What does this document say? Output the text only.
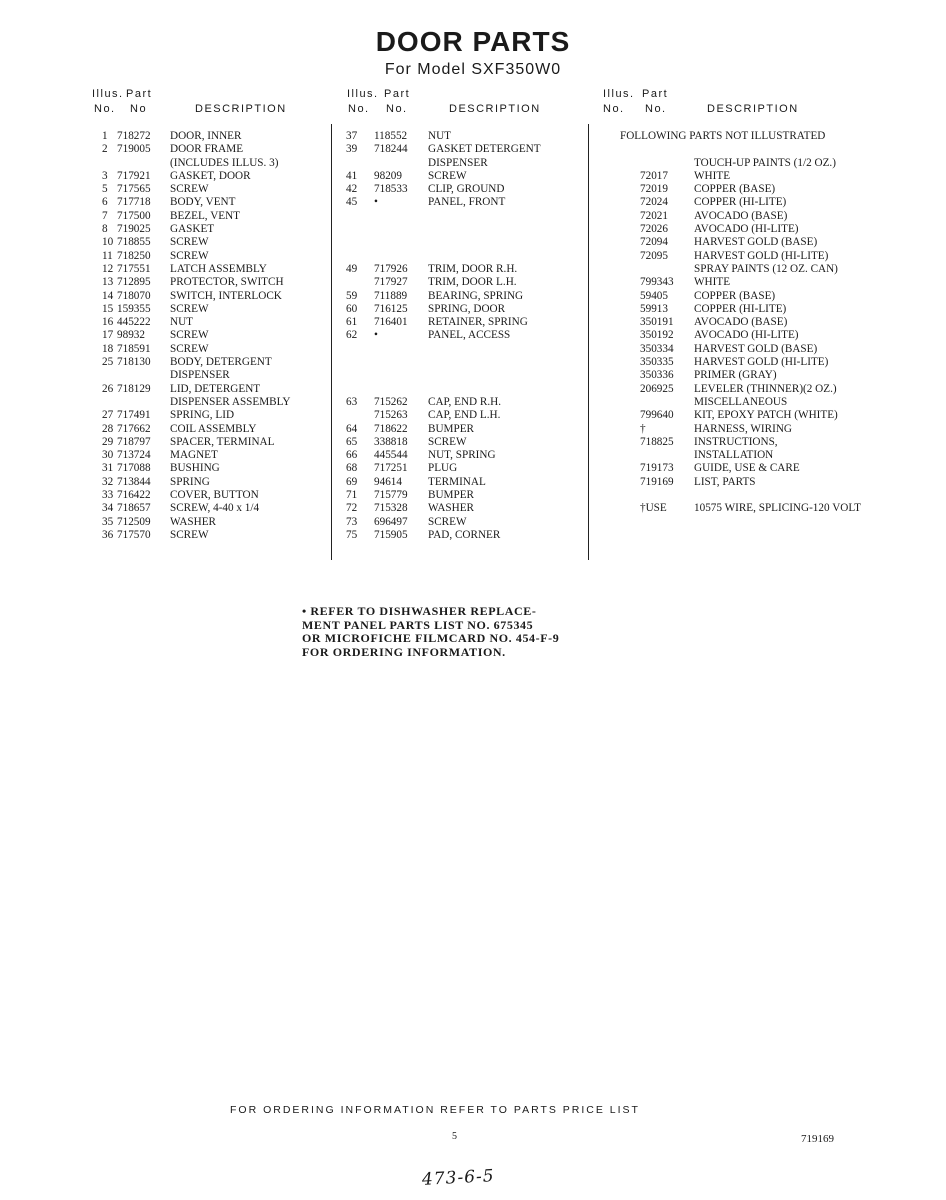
DOOR PARTS
For Model SXF350W0
Illus. Part
No. No	DESCRIPTION
Illus. Part
No. No.	DESCRIPTION
Illus. Part
No. No.	DESCRIPTION
1 718272 DOOR, INNER
2 719005 DOOR FRAME
(INCLUDES ILLUS. 3)
3 717921 GASKET, DOOR
5 717565 SCREW
6 717718 BODY, VENT
7 717500 BEZEL, VENT
8 719025 GASKET
10 718855 SCREW
11 718250 SCREW
12 717551 LATCH ASSEMBLY
13 712895 PROTECTOR, SWITCH
14 718070 SWITCH, INTERLOCK
15 159355 SCREW
16 445222 NUT
17 98932 SCREW
18 718591 SCREW
25 718130 BODY, DETERGENT
DISPENSER
26 718129 LID, DETERGENT
DISPENSER ASSEMBLY
27 717491 SPRING, LID
28 717662 COIL ASSEMBLY
29 718797 SPACER, TERMINAL
30 713724 MAGNET
31 717088 BUSHING
32 713844 SPRING
33 716422 COVER, BUTTON
34 718657 SCREW, 4-40 x 1/4
35 712509 WASHER
36 717570 SCREW
37 118552 NUT
39 718244 GASKET DETERGENT
DISPENSER
41 98209 SCREW
42 718533 CLIP, GROUND
45 •	PANEL, FRONT
49 717926 TRIM, DOOR R.H.
717927 TRIM, DOOR L.H.
59 711889 BEARING, SPRING
60 716125 SPRING, DOOR
61 716401 RETAINER, SPRING
62 •	PANEL, ACCESS
63 715262 CAP, END R.H.
715263 CAP, END L.H.
64 718622 BUMPER
65 338818 SCREW
66 445544 NUT, SPRING
68 717251 PLUG
69 94614 TERMINAL
71 715779 BUMPER
72 715328 WASHER
73 696497 SCREW
75 715905 PAD, CORNER
FOLLOWING PARTS NOT ILLUSTRATED
TOUCH-UP PAINTS (1/2 OZ.)
72017 WHITE
72019 COPPER (BASE)
72024 COPPER (HI-LITE)
72021 AVOCADO (BASE)
72026 AVOCADO (HI-LITE)
72094 HARVEST GOLD (BASE)
72095 HARVEST GOLD (HI-LITE)
SPRAY PAINTS (12 OZ. CAN)
799343 WHITE
59405 COPPER (BASE)
59913 COPPER (HI-LITE)
350191 AVOCADO (BASE)
350192 AVOCADO (HI-LITE)
350334 HARVEST GOLD (BASE)
350335 HARVEST GOLD (HI-LITE)
350336 PRIMER (GRAY)
206925 LEVELER (THINNER)(2 OZ.)
MISCELLANEOUS
799640 KIT, EPOXY PATCH (WHITE)
†	HARNESS, WIRING
718825 INSTRUCTIONS,
INSTALLATION
719173 GUIDE, USE & CARE
719169 LIST, PARTS
†USE 10575 WIRE, SPLICING-120 VOLT
• REFER TO DISHWASHER REPLACE-
MENT PANEL PARTS LIST NO. 675345
OR MICROFICHE FILMCARD NO. 454-F-9
FOR ORDERING INFORMATION.
FOR ORDERING INFORMATION REFER TO PARTS PRICE LIST
5	719169
473-6-5
